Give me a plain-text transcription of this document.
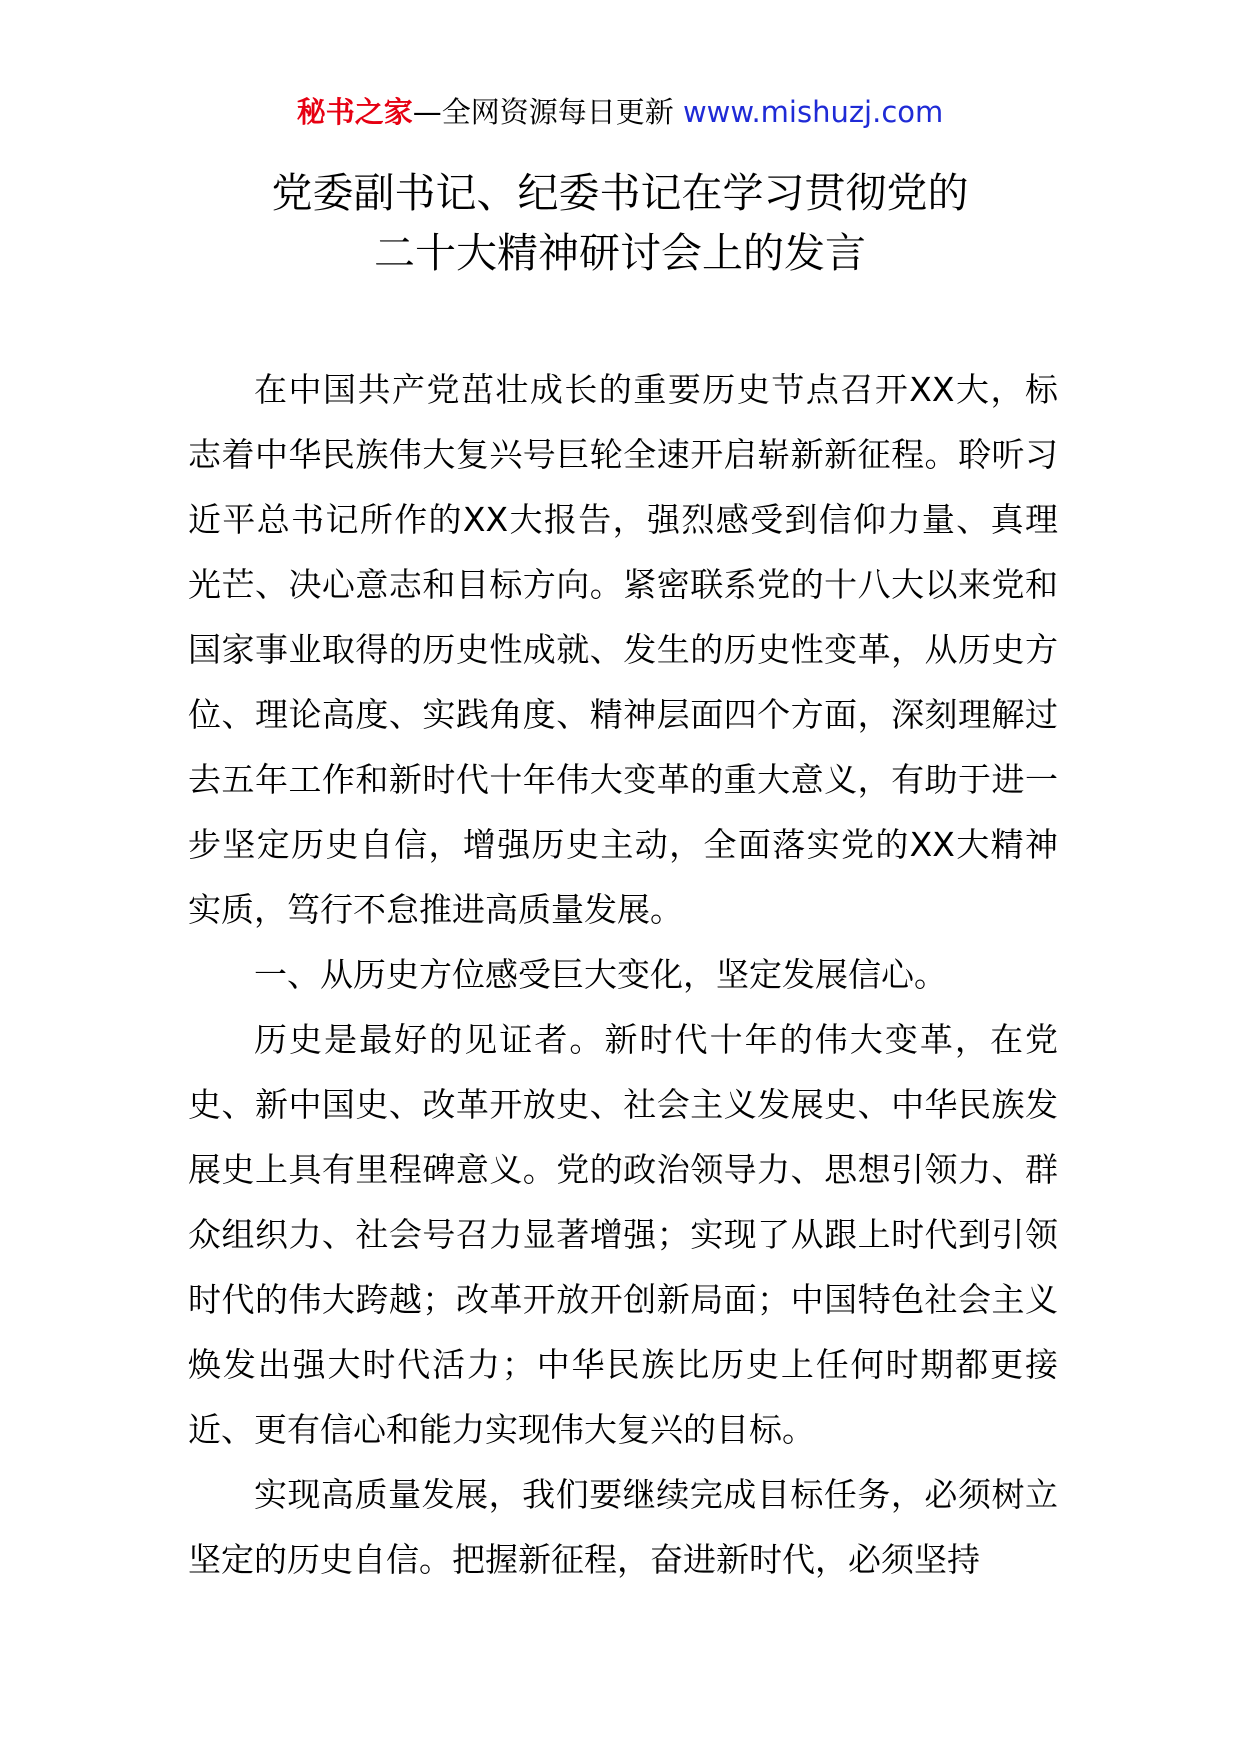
秘书之家—全网资源每日更新 www.mishuzj.com
党委副书记、纪委书记在学习贯彻党的
二十大精神研讨会上的发言

在中国共产党茁壮成长的重要历史节点召开XX大，标志着中华民族伟大复兴号巨轮全速开启崭新新征程。聆听习近平总书记所作的XX大报告，强烈感受到信仰力量、真理光芒、决心意志和目标方向。紧密联系党的十八大以来党和国家事业取得的历史性成就、发生的历史性变革，从历史方位、理论高度、实践角度、精神层面四个方面，深刻理解过去五年工作和新时代十年伟大变革的重大意义，有助于进一步坚定历史自信，增强历史主动，全面落实党的XX大精神实质，笃行不怠推进高质量发展。

一、从历史方位感受巨大变化，坚定发展信心。

历史是最好的见证者。新时代十年的伟大变革，在党史、新中国史、改革开放史、社会主义发展史、中华民族发展史上具有里程碑意义。党的政治领导力、思想引领力、群众组织力、社会号召力显著增强；实现了从跟上时代到引领时代的伟大跨越；改革开放开创新局面；中国特色社会主义焕发出强大时代活力；中华民族比历史上任何时期都更接近、更有信心和能力实现伟大复兴的目标。

实现高质量发展，我们要继续完成目标任务，必须树立坚定的历史自信。把握新征程，奋进新时代，必须坚持
